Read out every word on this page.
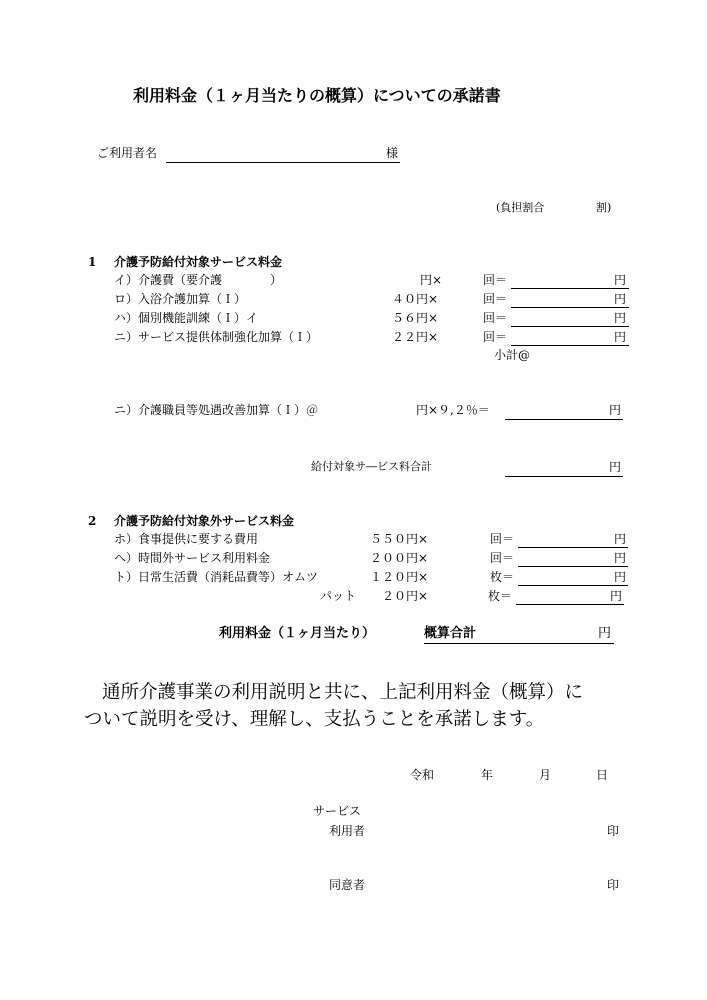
利用料金（１ヶ月当たりの概算）についての承諾書
ご利用者名	様
(負担割合	割)
1 介護予防給付対象サービス料金
イ）介護費（要介護	）	円×	回＝	円
ロ）入浴介護加算（Ｉ）	４０円×	回＝	円
ハ）個別機能訓練（Ｉ）イ	５６円×	回＝	円
ニ）サービス提供体制強化加算（Ｉ）	２２円×	回＝	円
小計@
ニ）介護職員等処遇改善加算（Ｉ）＠	円×９,２％＝	円
給付対象サ―ビス料合計	円
2 介護予防給付対象外サービス料金
ホ）食事提供に要する費用	５５０円×	回＝	円
へ）時間外サービス利用料金	２００円×	回＝	円
ト）日常生活費（消耗品費等）オムツ	１２０円×	枚＝	円
パット ２０円×	枚＝	円
利用料金（１ヶ月当たり）	概算合計	円
通所介護事業の利用説明と共に、上記利用料金（概算）に
ついて説明を受け、理解し、支払うことを承諾します。
令和	年	月	日
サービス
利用者	印
同意者	印
